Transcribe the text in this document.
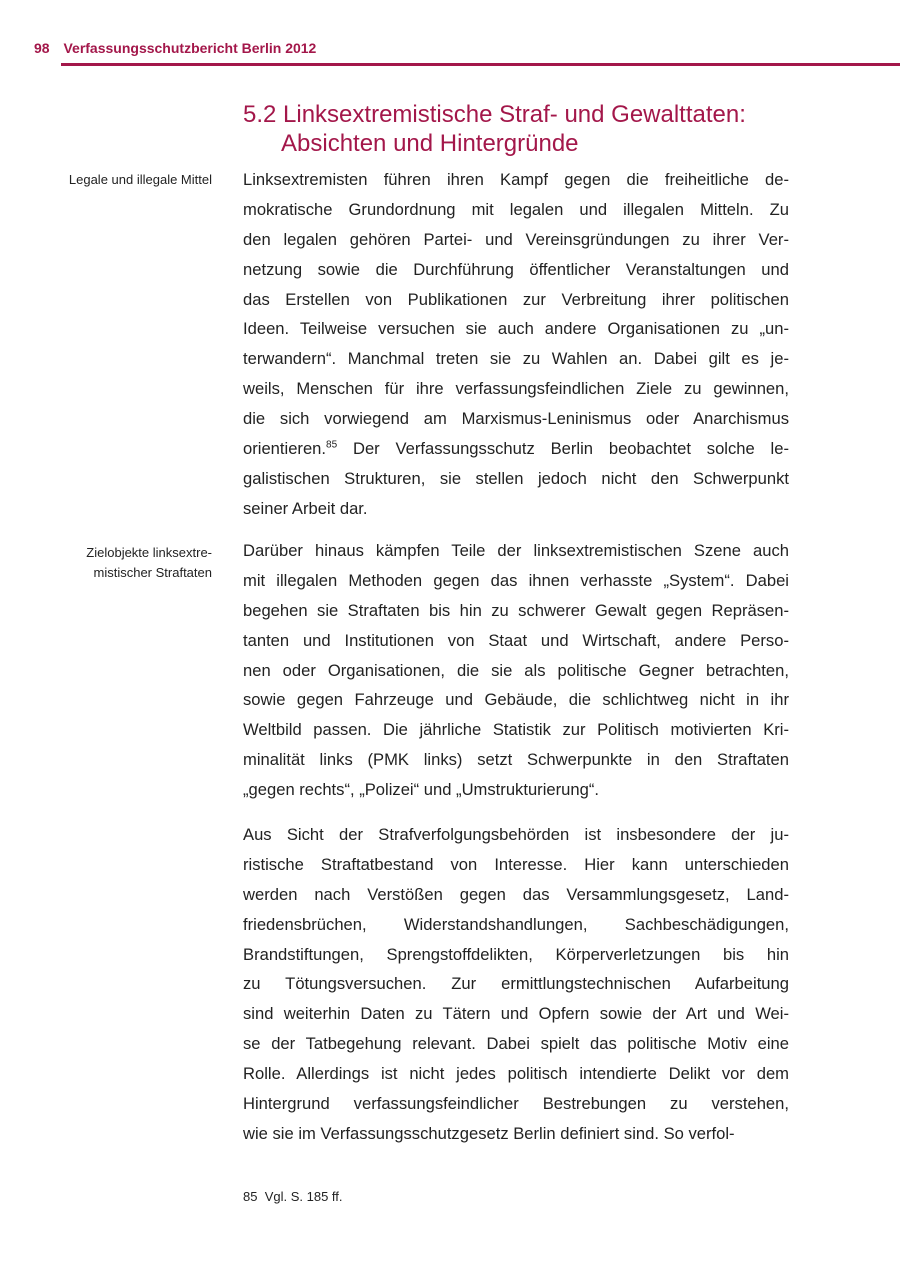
98 Verfassungsschutzbericht Berlin 2012
5.2 Linksextremistische Straf- und Gewalttaten:
Absichten und Hintergründe
Legale und illegale Mittel
Zielobjekte linksextre-
mistischer Straftaten
Linksextremisten führen ihren Kampf gegen die freiheitliche de-
mokratische Grundordnung mit legalen und illegalen Mitteln. Zu
den legalen gehören Partei- und Vereinsgründungen zu ihrer Ver-
netzung sowie die Durchführung öffentlicher Veranstaltungen und
das Erstellen von Publikationen zur Verbreitung ihrer politischen
Ideen. Teilweise versuchen sie auch andere Organisationen zu „un-
terwandern“. Manchmal treten sie zu Wahlen an. Dabei gilt es je-
weils, Menschen für ihre verfassungsfeindlichen Ziele zu gewinnen,
die sich vorwiegend am Marxismus-Leninismus oder Anarchismus
orientieren.$^{85}$ Der Verfassungsschutz Berlin beobachtet solche le-
galistischen Strukturen, sie stellen jedoch nicht den Schwerpunkt
seiner Arbeit dar.
Darüber hinaus kämpfen Teile der linksextremistischen Szene auch
mit illegalen Methoden gegen das ihnen verhasste „System“. Dabei
begehen sie Straftaten bis hin zu schwerer Gewalt gegen Repräsen-
tanten und Institutionen von Staat und Wirtschaft, andere Perso-
nen oder Organisationen, die sie als politische Gegner betrachten,
sowie gegen Fahrzeuge und Gebäude, die schlichtweg nicht in ihr
Weltbild passen. Die jährliche Statistik zur Politisch motivierten Kri-
minalität links (PMK links) setzt Schwerpunkte in den Straftaten
„gegen rechts“, „Polizei“ und „Umstrukturierung“.
Aus Sicht der Strafverfolgungsbehörden ist insbesondere der ju-
ristische Straftatbestand von Interesse. Hier kann unterschieden
werden nach Verstößen gegen das Versammlungsgesetz, Land-
friedensbrüchen, Widerstandshandlungen, Sachbeschädigungen,
Brandstiftungen, Sprengstoffdelikten, Körperverletzungen bis hin
zu Tötungsversuchen. Zur ermittlungstechnischen Aufarbeitung
sind weiterhin Daten zu Tätern und Opfern sowie der Art und Wei-
se der Tatbegehung relevant. Dabei spielt das politische Motiv eine
Rolle. Allerdings ist nicht jedes politisch intendierte Delikt vor dem
Hintergrund verfassungsfeindlicher Bestrebungen zu verstehen,
wie sie im Verfassungsschutzgesetz Berlin definiert sind. So verfol-
85 Vgl. S. 185 ff.
